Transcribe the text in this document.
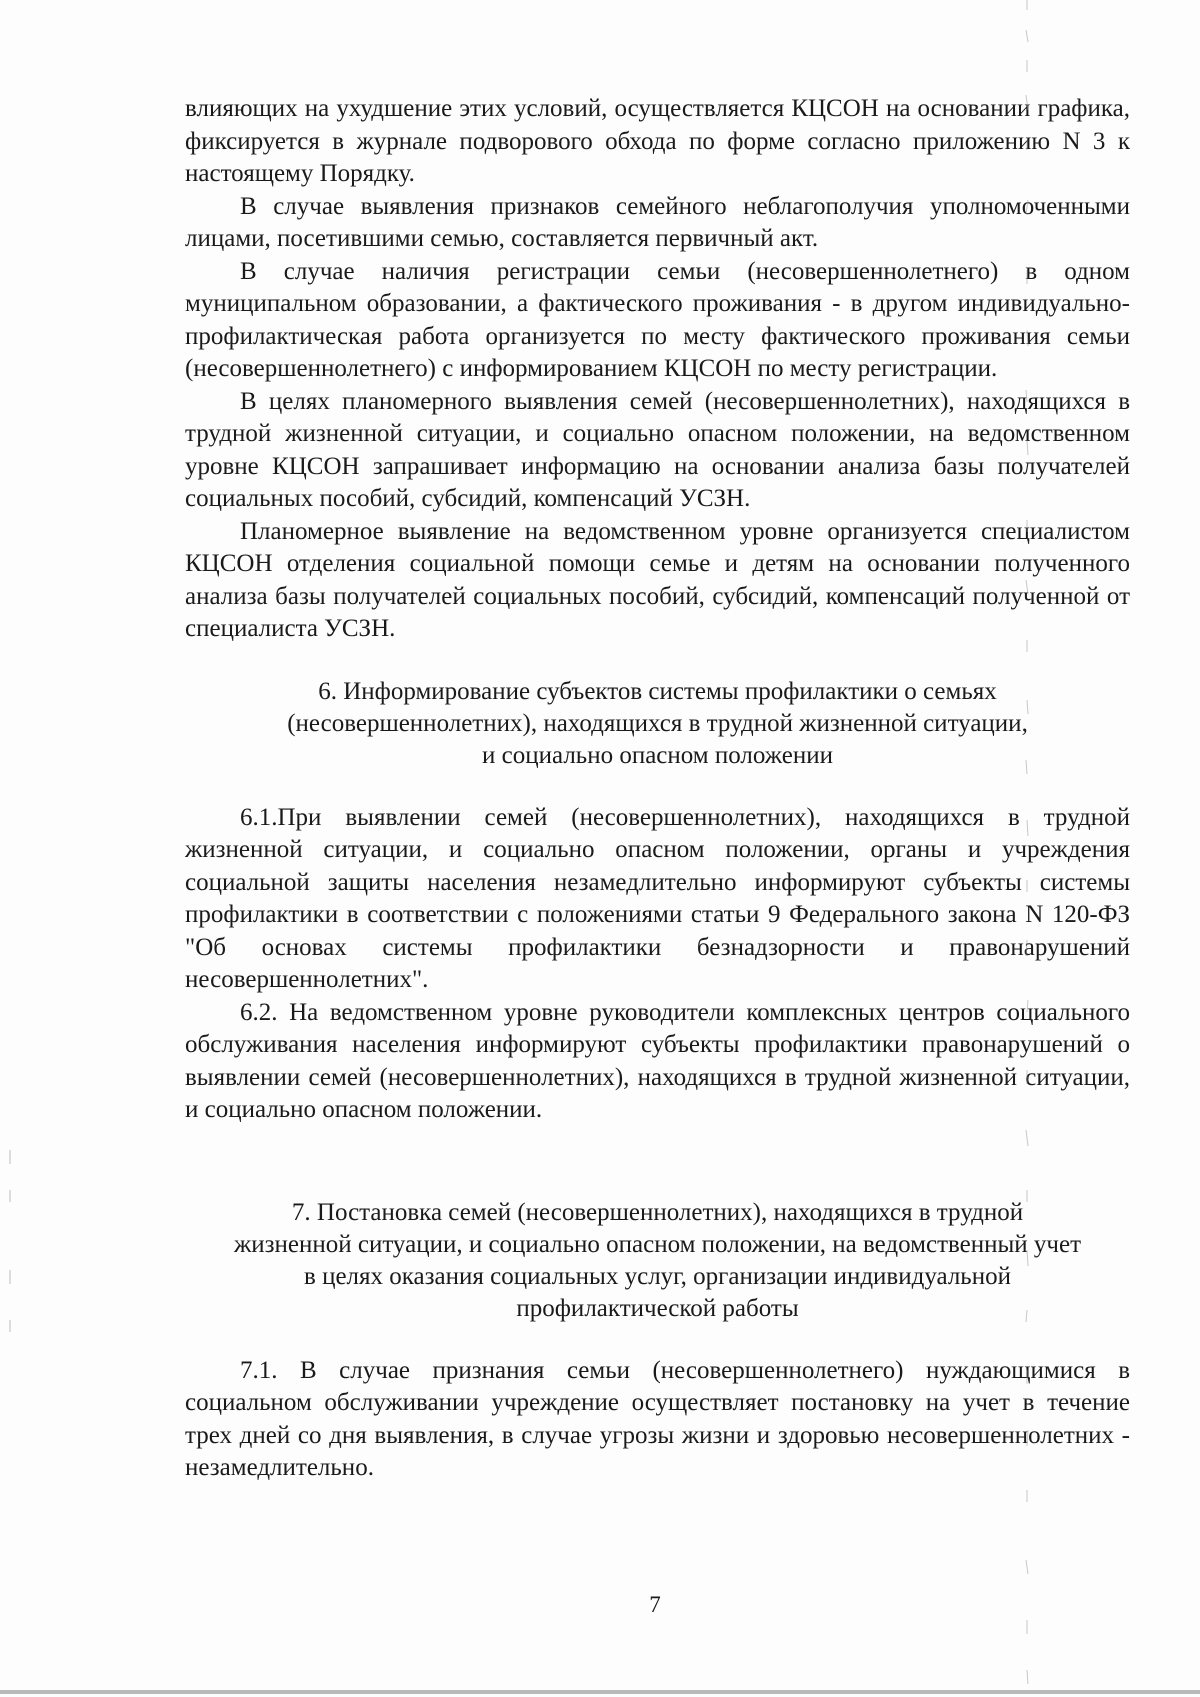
влияющих на ухудшение этих условий, осуществляется КЦСОН на основании графика, фиксируется в журнале подворового обхода по форме согласно приложению N 3 к настоящему Порядку.

В случае выявления признаков семейного неблагополучия уполномоченными лицами, посетившими семью, составляется первичный акт.

В случае наличия регистрации семьи (несовершеннолетнего) в одном муниципальном образовании, а фактического проживания - в другом индивидуально-профилактическая работа организуется по месту фактического проживания семьи (несовершеннолетнего) с информированием КЦСОН по месту регистрации.

В целях планомерного выявления семей (несовершеннолетних), находящихся в трудной жизненной ситуации, и социально опасном положении, на ведомственном уровне КЦСОН запрашивает информацию на основании анализа базы получателей социальных пособий, субсидий, компенсаций УСЗН.

Планомерное выявление на ведомственном уровне организуется специалистом КЦСОН отделения социальной помощи семье и детям на основании полученного анализа базы получателей социальных пособий, субсидий, компенсаций полученной от специалиста УСЗН.

6. Информирование субъектов системы профилактики о семьях

(несовершеннолетних), находящихся в трудной жизненной ситуации,

и социально опасном положении

6.1.При выявлении семей (несовершеннолетних), находящихся в трудной жизненной ситуации, и социально опасном положении, органы и учреждения социальной защиты населения незамедлительно информируют субъекты системы профилактики в соответствии с положениями статьи 9 Федерального закона N 120-ФЗ "Об основах системы профилактики безнадзорности и правонарушений несовершеннолетних".

6.2. На ведомственном уровне руководители комплексных центров социального обслуживания населения информируют субъекты профилактики правонарушений о выявлении семей (несовершеннолетних), находящихся в трудной жизненной ситуации, и социально опасном положении.

7. Постановка семей (несовершеннолетних), находящихся в трудной

жизненной ситуации, и социально опасном положении, на ведомственный учет

в целях оказания социальных услуг, организации индивидуальной

профилактической работы

7.1. В случае признания семьи (несовершеннолетнего) нуждающимися в социальном обслуживании учреждение осуществляет постановку на учет в течение трех дней со дня выявления, в случае угрозы жизни и здоровью несовершеннолетних - незамедлительно.

7
